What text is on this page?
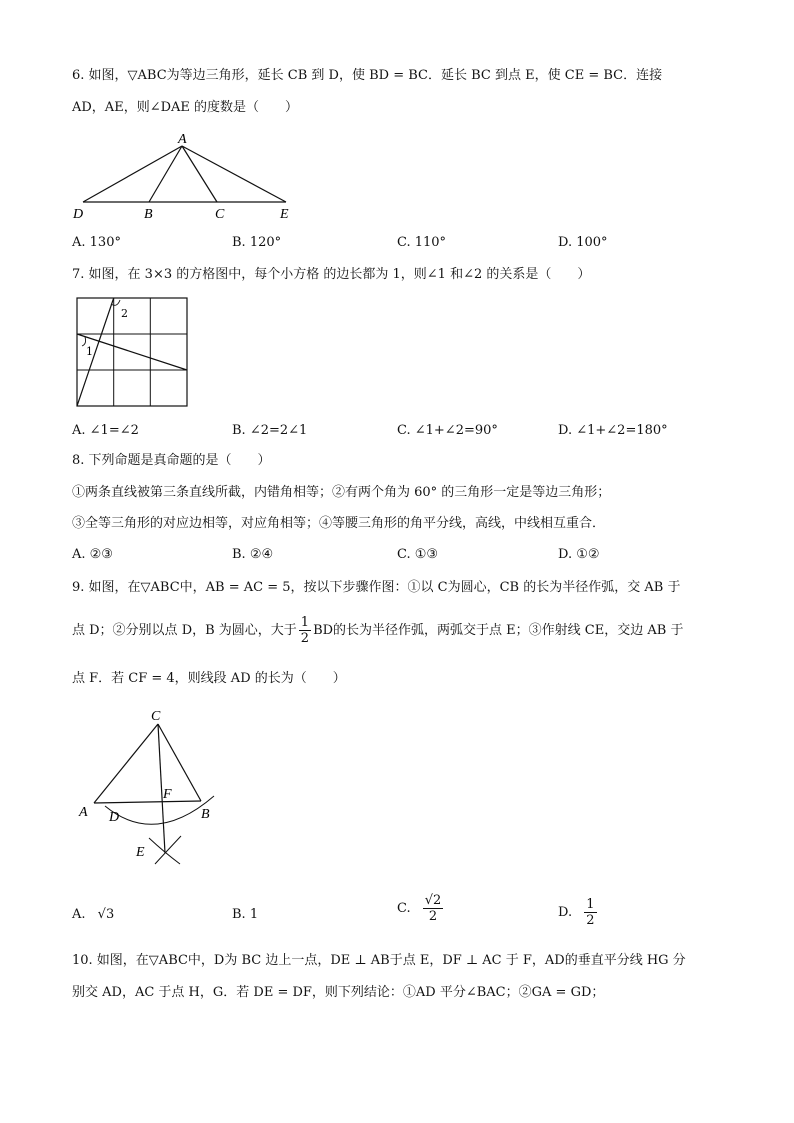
6. 如图，▽ABC为等边三角形，延长 CB 到 D，使 BD = BC．延长 BC 到点 E，使 CE = BC．连接
AD，AE，则∠DAE 的度数是（　　）
A
D	B	C	E
A. 130°	B. 120°	C. 110°	D. 100°
7. 如图，在 3×3 的方格图中，每个小方格 的边长都为 1，则∠1 和∠2 的关系是（　　）
2
1
A. ∠1=∠2	B. ∠2=2∠1	C. ∠1+∠2=90°	D. ∠1+∠2=180°
8. 下列命题是真命题的是（　　）
①两条直线被第三条直线所截，内错角相等；②有两个角为 60° 的三角形一定是等边三角形；
③全等三角形的对应边相等，对应角相等；④等腰三角形的角平分线，高线，中线相互重合．
A. ②③	B. ②④	C. ①③	D. ①②
9. 如图，在▽ABC中，AB = AC = 5，按以下步骤作图：①以 C为圆心，CB 的长为半径作弧，交 AB 于
点 D；②分别以点 D，B 为圆心，大于 $\frac{1}{2}$ BD的长为半径作弧，两弧交于点 E；③作射线 CE，交边 AB 于
点 F．若 CF = 4，则线段 AD 的长为（　　）
C
F
A D	B
E
A. √3	B. 1	C. $\frac{√2}{2}$	D. $\frac{1}{2}$
10. 如图，在▽ABC中，D为 BC 边上一点，DE ⊥ AB于点 E，DF ⊥ AC 于 F，AD的垂直平分线 HG 分
别交 AD，AC 于点 H，G．若 DE = DF，则下列结论：①AD 平分∠BAC；②GA = GD；
